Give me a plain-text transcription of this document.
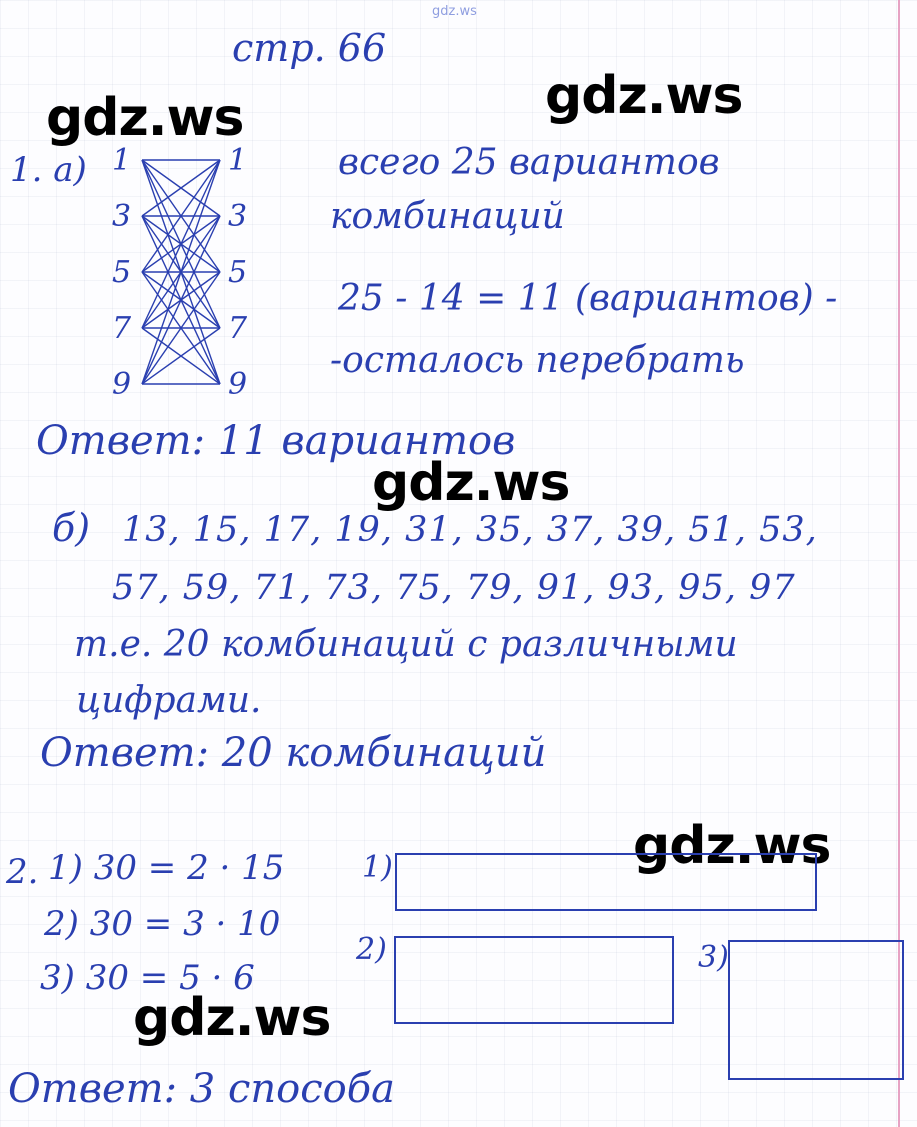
gdz.ws
стр. 66
gdz.ws	gdz.ws
gdz.ws
gdz.ws
gdz.ws
1. а) 1
3
5
7
9
1
3
5
7
9
всего 25 вариантов
комбинаций
25 - 14 = 11 (вариантов) -
-осталось перебрать
Ответ: 11 вариантов
б) 13, 15, 17, 19, 31, 35, 37, 39, 51, 53,
57, 59, 71, 73, 75, 79, 91, 93, 95, 97
т.е. 20 комбинаций с различными
цифрами.
Ответ: 20 комбинаций
2. 1) 30 = 2 · 15
2) 30 = 3 · 10
3) 30 = 5 · 6
1)
2)	3)
Ответ: 3 способа
